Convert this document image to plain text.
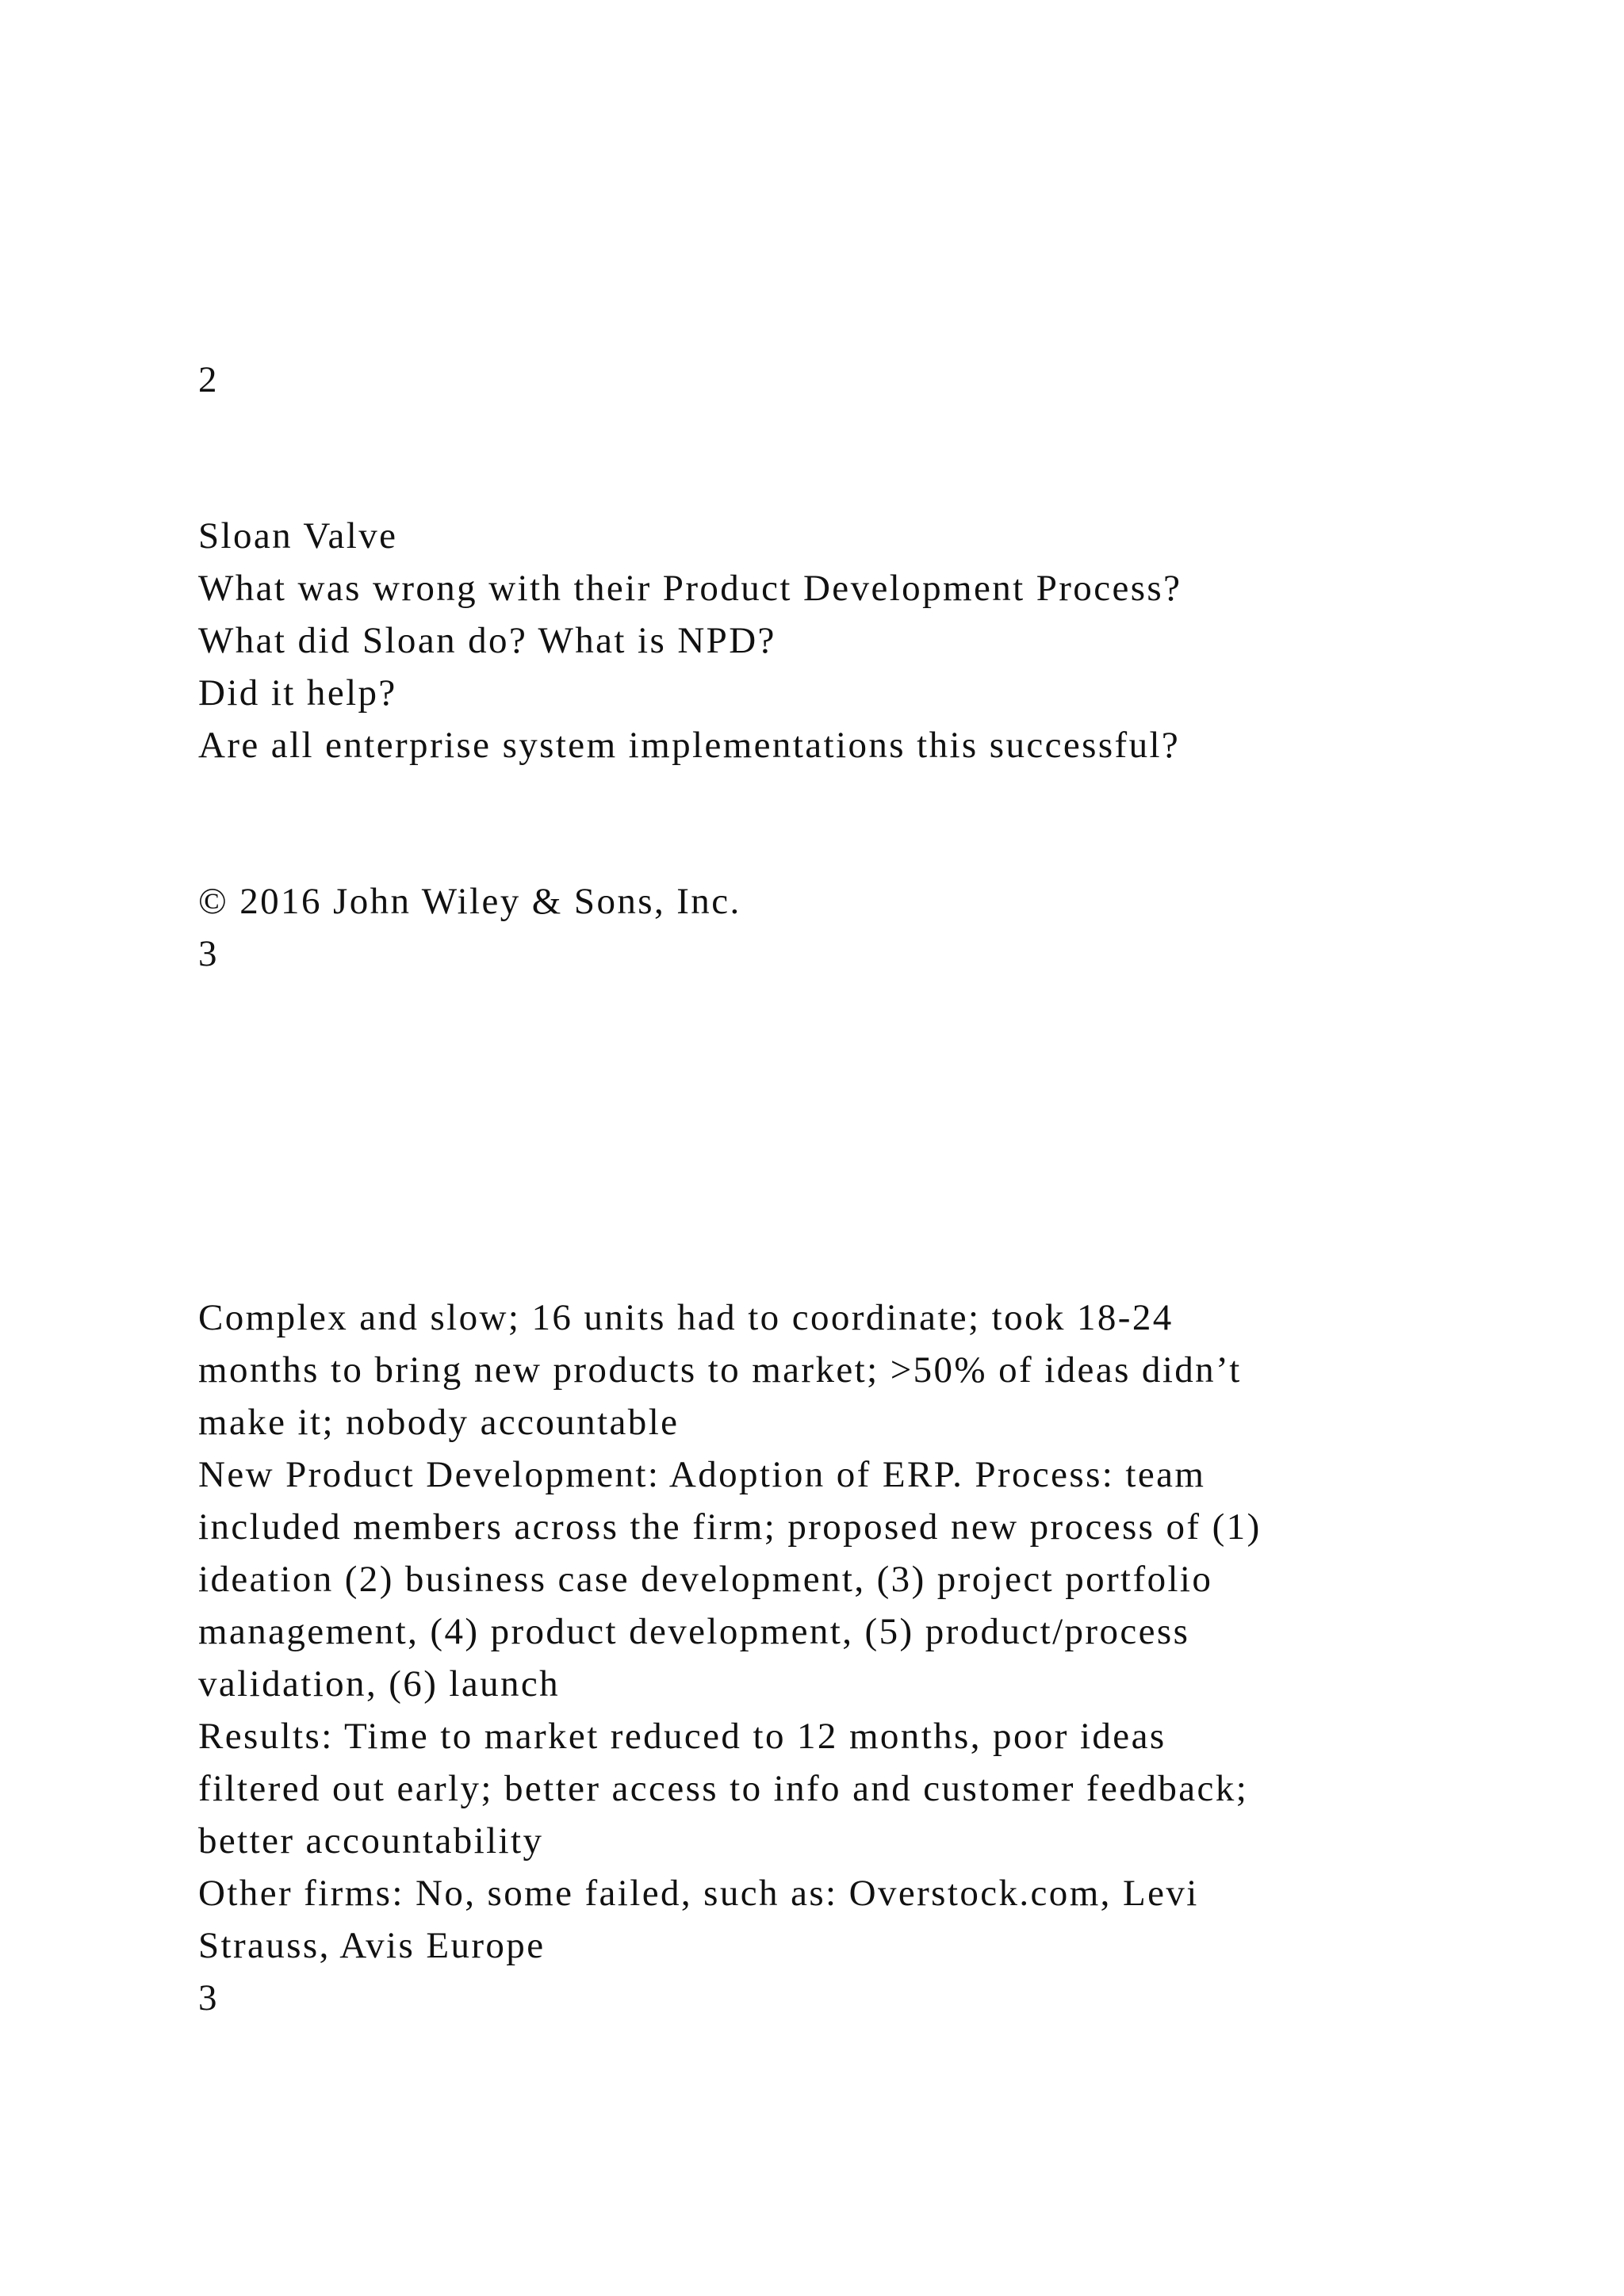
2

Sloan Valve

What was wrong with their Product Development Process?

What did Sloan do? What is NPD?

Did it help?

Are all enterprise system implementations this successful?

© 2016 John Wiley & Sons, Inc.

3

Complex and slow; 16 units had to coordinate; took 18-24

months to bring new products to market; >50% of ideas didn’t

make it; nobody accountable

New Product Development: Adoption of ERP. Process: team

included members across the firm; proposed new process of (1)

ideation (2) business case development, (3) project portfolio

management, (4) product development, (5) product/process

validation, (6) launch

Results: Time to market reduced to 12 months, poor ideas

filtered out early; better access to info and customer feedback;

better accountability

Other firms: No, some failed, such as: Overstock.com, Levi

Strauss, Avis Europe

3
